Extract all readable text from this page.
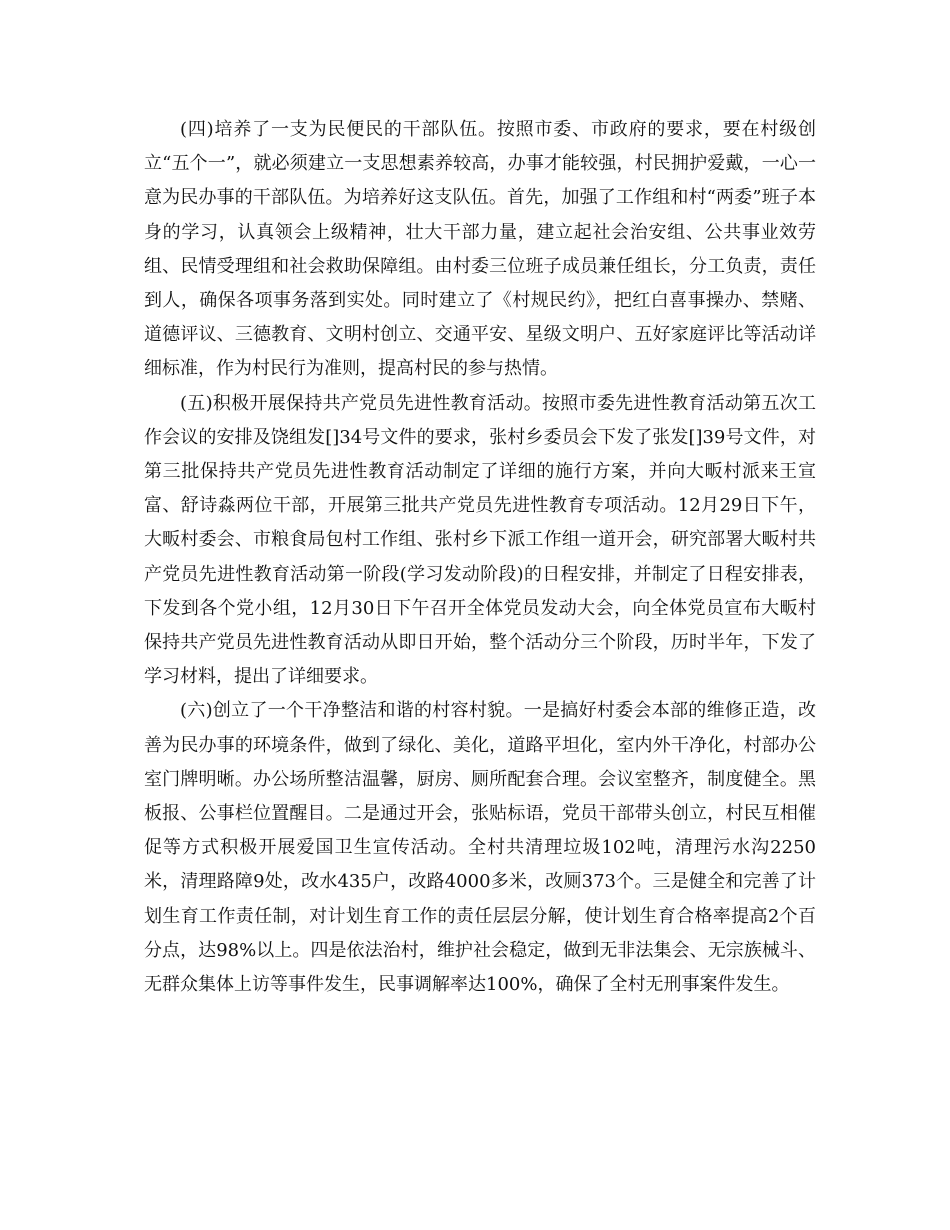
(四)培养了一支为民便民的干部队伍。按照市委、市政府的要求，要在村级创立“五个一”，就必须建立一支思想素养较高，办事才能较强，村民拥护爱戴，一心一意为民办事的干部队伍。为培养好这支队伍。首先，加强了工作组和村“两委”班子本身的学习，认真领会上级精神，壮大干部力量，建立起社会治安组、公共事业效劳组、民情受理组和社会救助保障组。由村委三位班子成员兼任组长，分工负责，责任到人，确保各项事务落到实处。同时建立了《村规民约》，把红白喜事操办、禁赌、道德评议、三德教育、文明村创立、交通平安、星级文明户、五好家庭评比等活动详细标准，作为村民行为准则，提高村民的参与热情。

(五)积极开展保持共产党员先进性教育活动。按照市委先进性教育活动第五次工作会议的安排及饶组发[]34号文件的要求，张村乡委员会下发了张发[]39号文件，对第三批保持共产党员先进性教育活动制定了详细的施行方案，并向大畈村派来王宣富、舒诗淼两位干部，开展第三批共产党员先进性教育专项活动。12月29日下午，大畈村委会、市粮食局包村工作组、张村乡下派工作组一道开会，研究部署大畈村共产党员先进性教育活动第一阶段(学习发动阶段)的日程安排，并制定了日程安排表，下发到各个党小组，12月30日下午召开全体党员发动大会，向全体党员宣布大畈村保持共产党员先进性教育活动从即日开始，整个活动分三个阶段，历时半年，下发了学习材料，提出了详细要求。

(六)创立了一个干净整洁和谐的村容村貌。一是搞好村委会本部的维修正造，改善为民办事的环境条件，做到了绿化、美化，道路平坦化，室内外干净化，村部办公室门牌明晰。办公场所整洁温馨，厨房、厕所配套合理。会议室整齐，制度健全。黑板报、公事栏位置醒目。二是通过开会，张贴标语，党员干部带头创立，村民互相催促等方式积极开展爱国卫生宣传活动。全村共清理垃圾102吨，清理污水沟2250米，清理路障9处，改水435户，改路4000多米，改厕373个。三是健全和完善了计划生育工作责任制，对计划生育工作的责任层层分解，使计划生育合格率提高2个百分点，达98%以上。四是依法治村，维护社会稳定，做到无非法集会、无宗族械斗、无群众集体上访等事件发生，民事调解率达100%，确保了全村无刑事案件发生。
